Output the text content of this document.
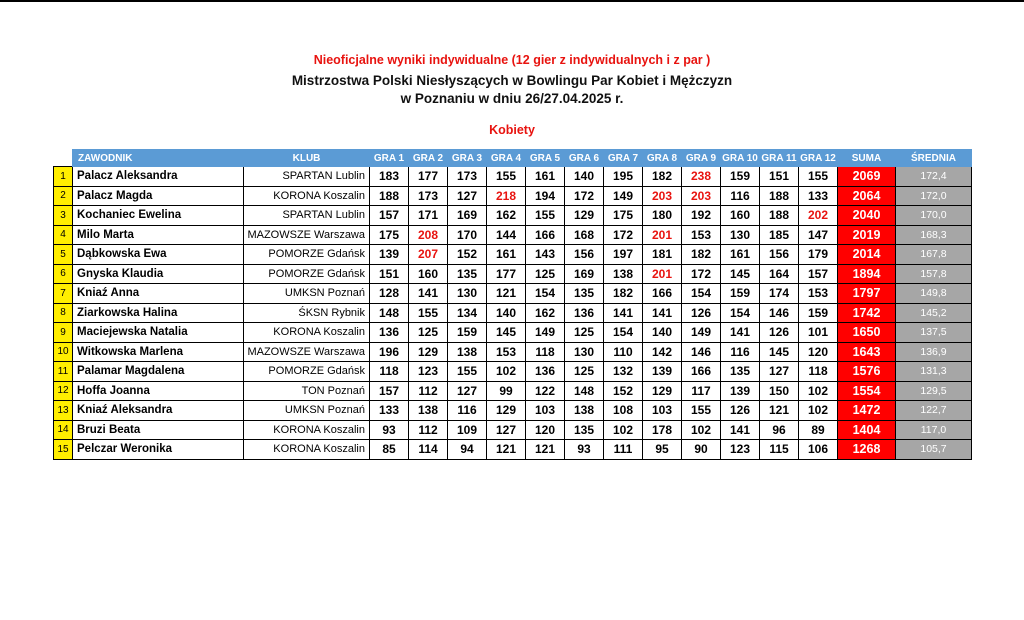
Nieoficjalne wyniki indywidualne (12 gier z indywidualnych i z par )
Mistrzostwa Polski Niesłyszących w Bowlingu Par Kobiet i Mężczyzn
w Poznaniu w dniu 26/27.04.2025 r.
Kobiety
	ZAWODNIK	KLUB	GRA 1	GRA 2	GRA 3	GRA 4	GRA 5	GRA 6	GRA 7	GRA 8	GRA 9	GRA 10	GRA 11	GRA 12	SUMA	ŚREDNIA
1	Palacz Aleksandra	SPARTAN Lublin	183	177	173	155	161	140	195	182	238	159	151	155	2069	172,4
2	Palacz Magda	KORONA Koszalin	188	173	127	218	194	172	149	203	203	116	188	133	2064	172,0
3	Kochaniec Ewelina	SPARTAN Lublin	157	171	169	162	155	129	175	180	192	160	188	202	2040	170,0
4	Milo Marta	MAZOWSZE Warszawa	175	208	170	144	166	168	172	201	153	130	185	147	2019	168,3
5	Dąbkowska Ewa	POMORZE Gdańsk	139	207	152	161	143	156	197	181	182	161	156	179	2014	167,8
6	Gnyska Klaudia	POMORZE Gdańsk	151	160	135	177	125	169	138	201	172	145	164	157	1894	157,8
7	Kniaź Anna	UMKSN Poznań	128	141	130	121	154	135	182	166	154	159	174	153	1797	149,8
8	Ziarkowska Halina	ŚKSN Rybnik	148	155	134	140	162	136	141	141	126	154	146	159	1742	145,2
9	Maciejewska Natalia	KORONA Koszalin	136	125	159	145	149	125	154	140	149	141	126	101	1650	137,5
10	Witkowska Marlena	MAZOWSZE Warszawa	196	129	138	153	118	130	110	142	146	116	145	120	1643	136,9
11	Palamar Magdalena	POMORZE Gdańsk	118	123	155	102	136	125	132	139	166	135	127	118	1576	131,3
12	Hoffa Joanna	TON Poznań	157	112	127	99	122	148	152	129	117	139	150	102	1554	129,5
13	Kniaź Aleksandra	UMKSN Poznań	133	138	116	129	103	138	108	103	155	126	121	102	1472	122,7
14	Bruzi Beata	KORONA Koszalin	93	112	109	127	120	135	102	178	102	141	96	89	1404	117,0
15	Pelczar Weronika	KORONA Koszalin	85	114	94	121	121	93	111	95	90	123	115	106	1268	105,7
